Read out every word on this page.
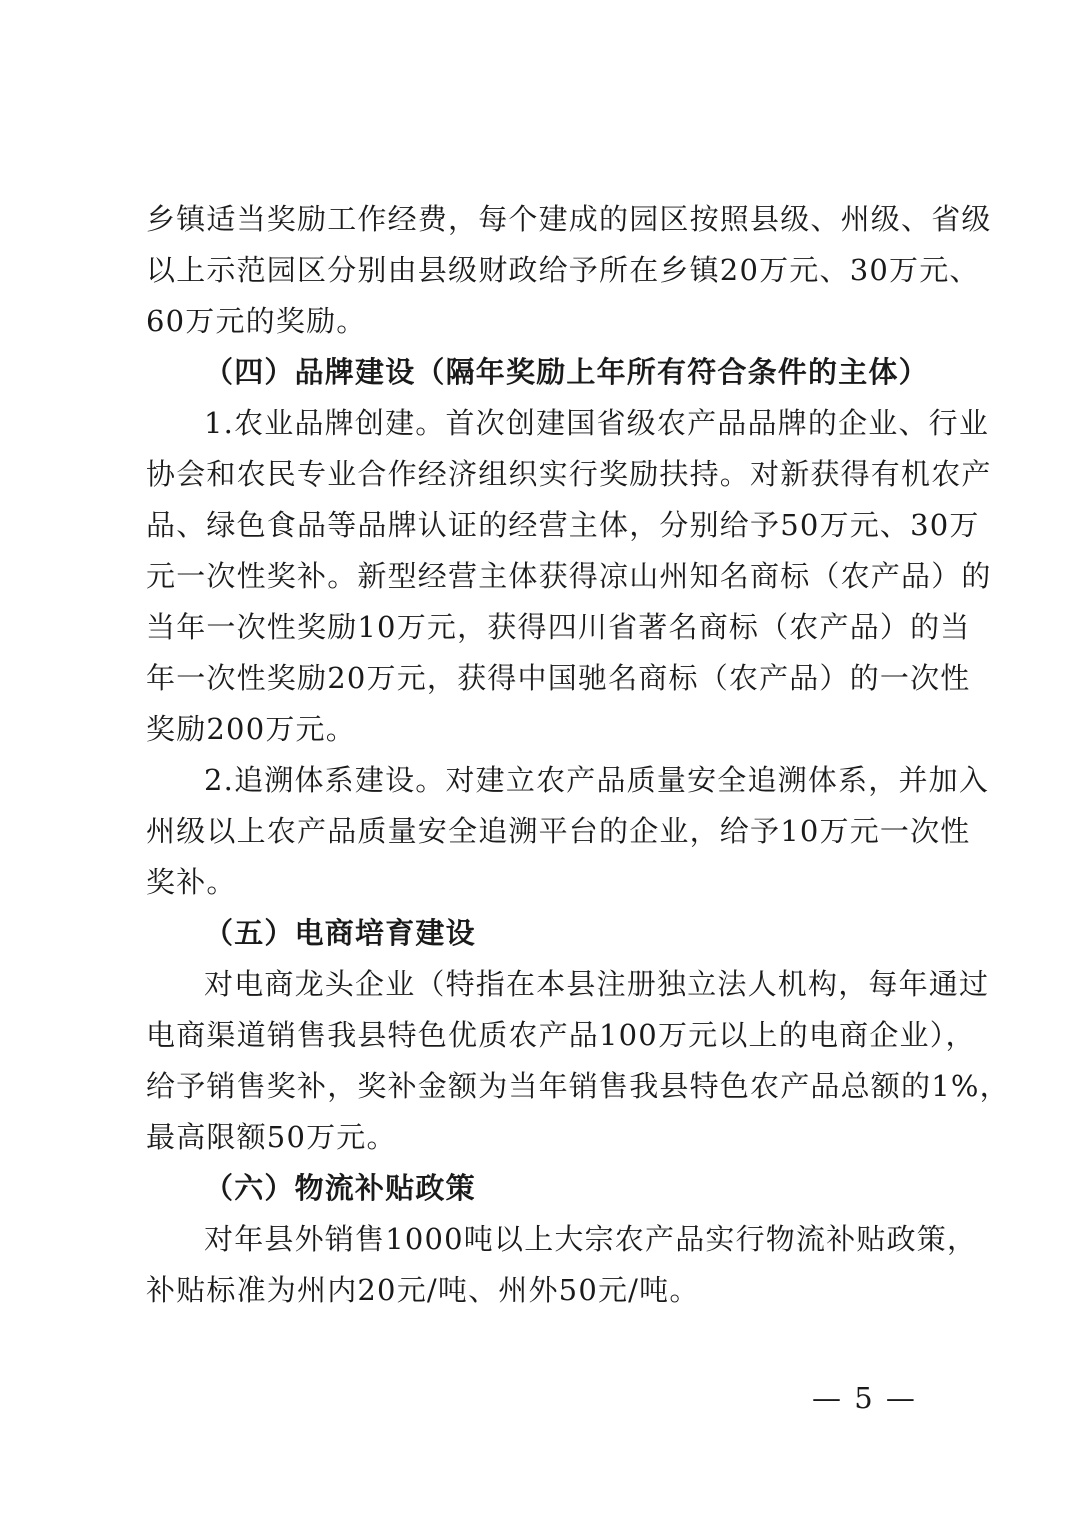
乡镇适当奖励工作经费，每个建成的园区按照县级、州级、省级
以上示范园区分别由县级财政给予所在乡镇20万元、30万元、
60万元的奖励。
（四）品牌建设（隔年奖励上年所有符合条件的主体）
1.农业品牌创建。首次创建国省级农产品品牌的企业、行业
协会和农民专业合作经济组织实行奖励扶持。对新获得有机农产
品、绿色食品等品牌认证的经营主体，分别给予50万元、30万
元一次性奖补。新型经营主体获得凉山州知名商标（农产品）的
当年一次性奖励10万元，获得四川省著名商标（农产品）的当
年一次性奖励20万元，获得中国驰名商标（农产品）的一次性
奖励200万元。
2.追溯体系建设。对建立农产品质量安全追溯体系，并加入
州级以上农产品质量安全追溯平台的企业，给予10万元一次性
奖补。
（五）电商培育建设
对电商龙头企业（特指在本县注册独立法人机构，每年通过
电商渠道销售我县特色优质农产品100万元以上的电商企业），
给予销售奖补，奖补金额为当年销售我县特色农产品总额的1%，
最高限额50万元。
（六）物流补贴政策
对年县外销售1000吨以上大宗农产品实行物流补贴政策，
补贴标准为州内20元/吨、州外50元/吨。
— 5 —
